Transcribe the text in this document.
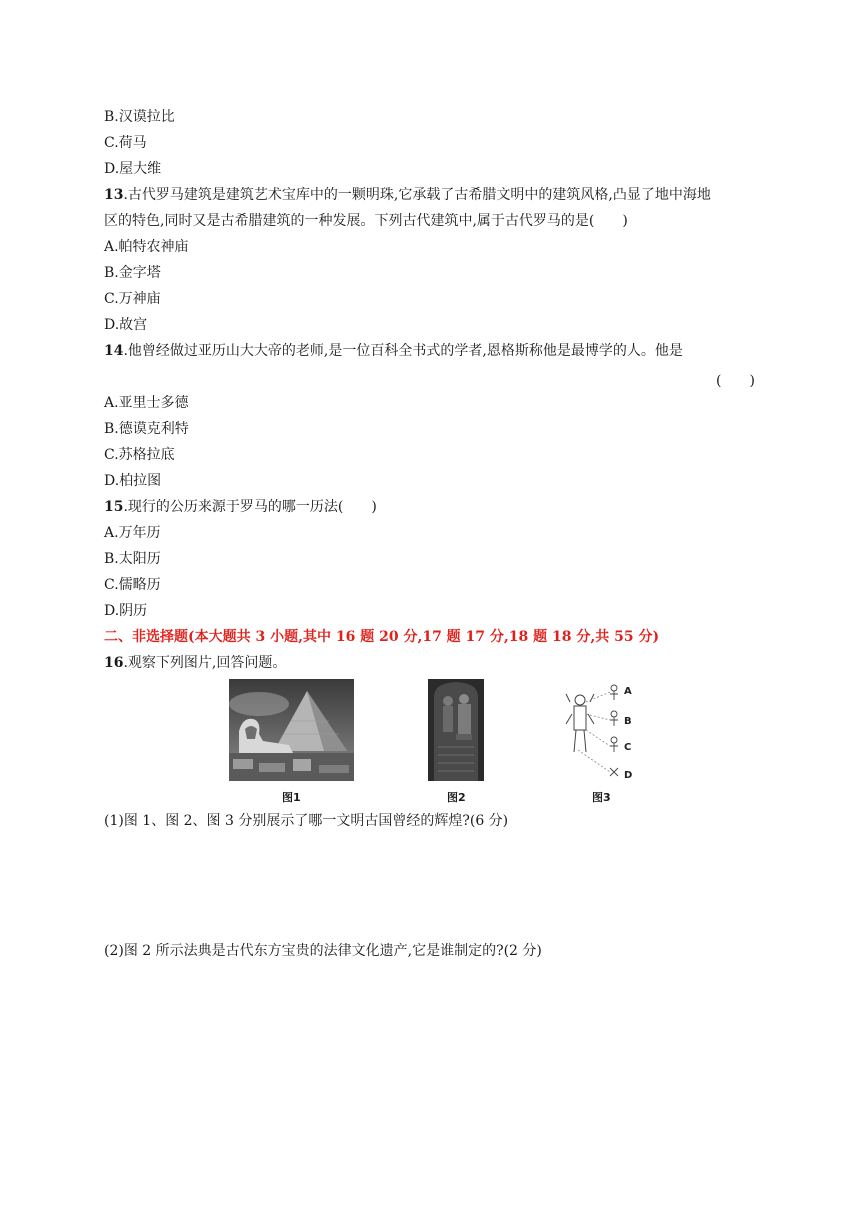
B.汉谟拉比
C.荷马
D.屋大维
13.古代罗马建筑是建筑艺术宝库中的一颗明珠,它承载了古希腊文明中的建筑风格,凸显了地中海地
区的特色,同时又是古希腊建筑的一种发展。下列古代建筑中,属于古代罗马的是(　　)
A.帕特农神庙
B.金字塔
C.万神庙
D.故宫
14.他曾经做过亚历山大大帝的老师,是一位百科全书式的学者,恩格斯称他是最博学的人。他是
(　　)
A.亚里士多德
B.德谟克利特
C.苏格拉底
D.柏拉图
15.现行的公历来源于罗马的哪一历法(　　)
A.万年历
B.太阳历
C.儒略历
D.阴历
二、非选择题(本大题共 3 小题,其中 16 题 20 分,17 题 17 分,18 题 18 分,共 55 分)
16.观察下列图片,回答问题。
图1	图2
A
B
C
D
图3
(1)图 1、图 2、图 3 分别展示了哪一文明古国曾经的辉煌?(6 分)
(2)图 2 所示法典是古代东方宝贵的法律文化遗产,它是谁制定的?(2 分)
